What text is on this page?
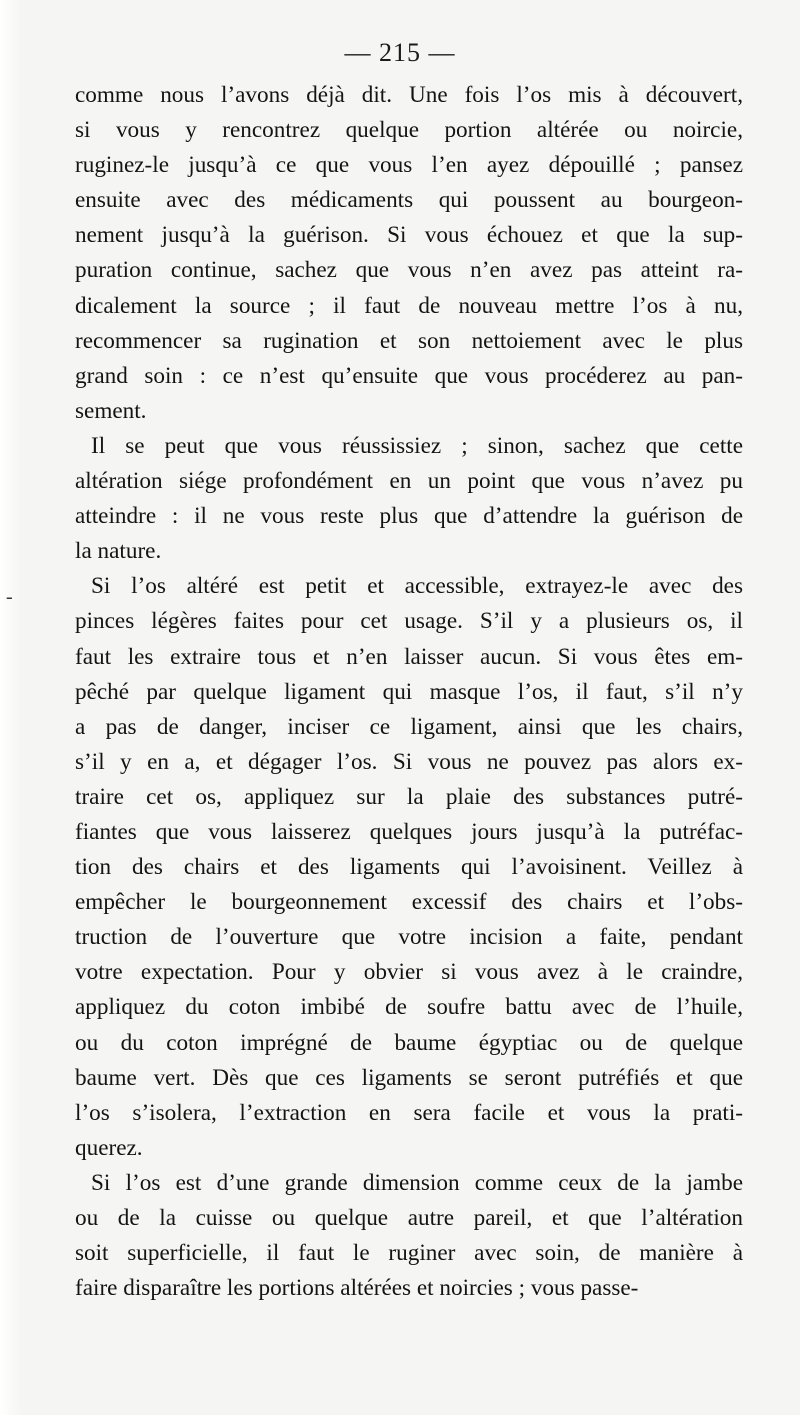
— 215 —
-
comme nous l’avons déjà dit. Une fois l’os mis à découvert,
si vous y rencontrez quelque portion altérée ou noircie,
ruginez-le jusqu’à ce que vous l’en ayez dépouillé ; pansez
ensuite avec des médicaments qui poussent au bourgeon-
nement jusqu’à la guérison. Si vous échouez et que la sup-
puration continue, sachez que vous n’en avez pas atteint ra-
dicalement la source ; il faut de nouveau mettre l’os à nu,
recommencer sa rugination et son nettoiement avec le plus
grand soin : ce n’est qu’ensuite que vous procéderez au pan-
sement.
Il se peut que vous réussissiez ; sinon, sachez que cette
altération siége profondément en un point que vous n’avez pu
atteindre : il ne vous reste plus que d’attendre la guérison de
la nature.
Si l’os altéré est petit et accessible, extrayez-le avec des
pinces légères faites pour cet usage. S’il y a plusieurs os, il
faut les extraire tous et n’en laisser aucun. Si vous êtes em-
pêché par quelque ligament qui masque l’os, il faut, s’il n’y
a pas de danger, inciser ce ligament, ainsi que les chairs,
s’il y en a, et dégager l’os. Si vous ne pouvez pas alors ex-
traire cet os, appliquez sur la plaie des substances putré-
fiantes que vous laisserez quelques jours jusqu’à la putréfac-
tion des chairs et des ligaments qui l’avoisinent. Veillez à
empêcher le bourgeonnement excessif des chairs et l’obs-
truction de l’ouverture que votre incision a faite, pendant
votre expectation. Pour y obvier si vous avez à le craindre,
appliquez du coton imbibé de soufre battu avec de l’huile,
ou du coton imprégné de baume égyptiac ou de quelque
baume vert. Dès que ces ligaments se seront putréfiés et que
l’os s’isolera, l’extraction en sera facile et vous la prati-
querez.
Si l’os est d’une grande dimension comme ceux de la jambe
ou de la cuisse ou quelque autre pareil, et que l’altération
soit superficielle, il faut le ruginer avec soin, de manière à
faire disparaître les portions altérées et noircies ; vous passe-
